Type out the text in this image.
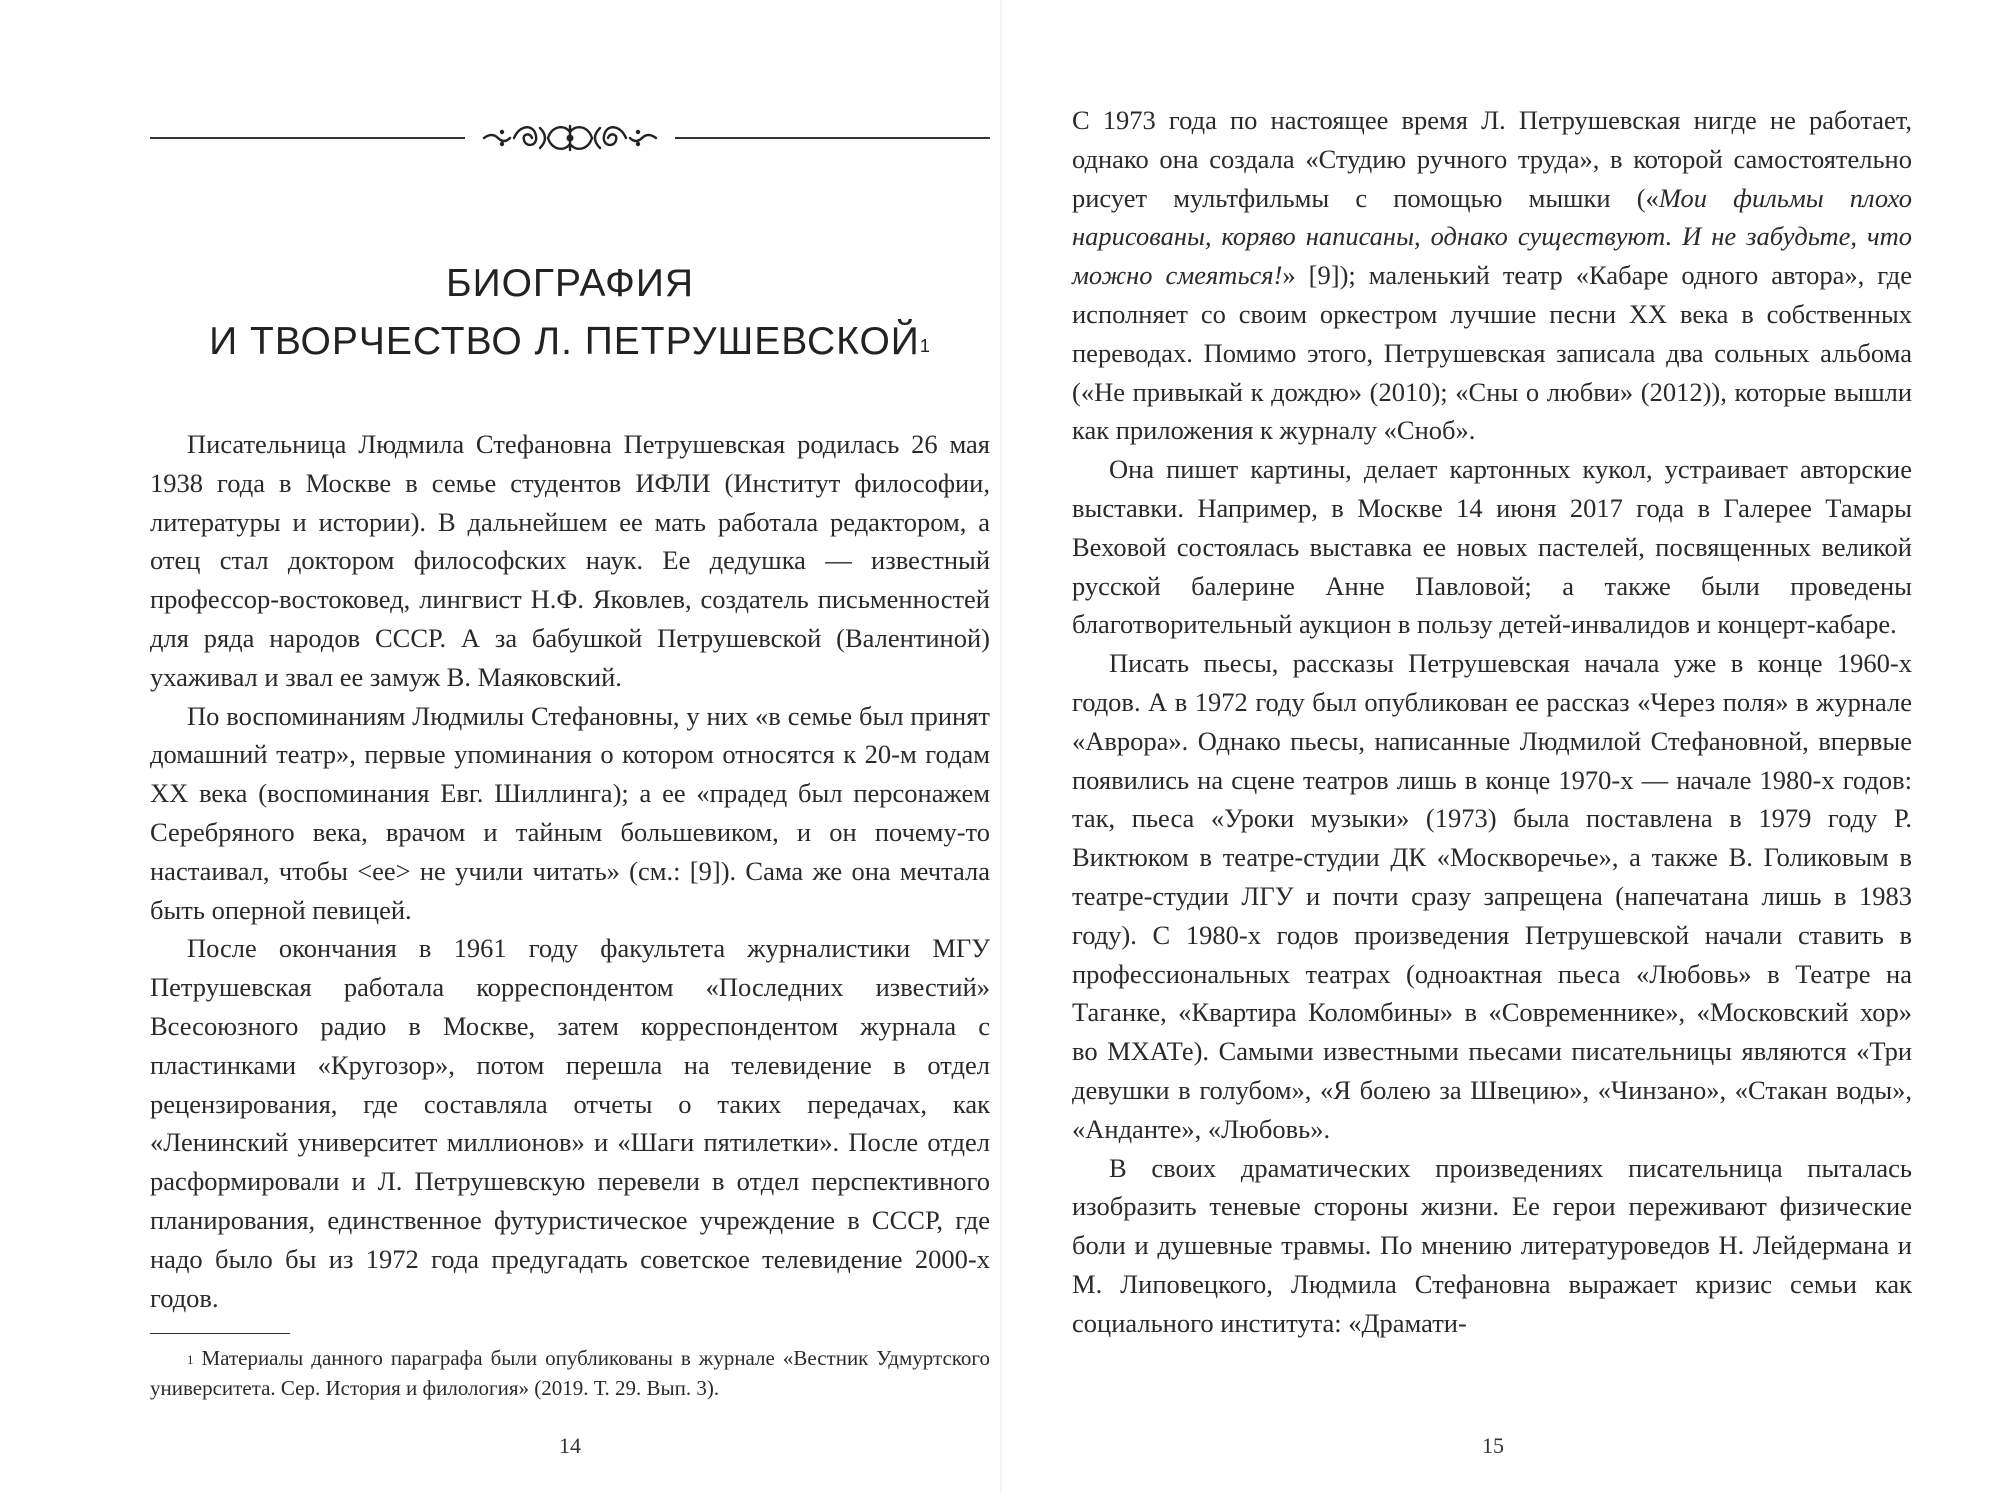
БИОГРАФИЯ
И ТВОРЧЕСТВО Л. ПЕТРУШЕВСКОЙ$^1$

Писательница Людмила Стефановна Петрушевская родилась 26 мая 1938 года в Москве в семье студентов ИФЛИ (Институт философии, литературы и истории). В дальнейшем ее мать работала редактором, а отец стал доктором философских наук. Ее дедушка — известный профессор-востоковед, лингвист Н.Ф. Яковлев, создатель письменностей для ряда народов СССР. А за бабушкой Петрушевской (Валентиной) ухаживал и звал ее замуж В. Маяковский.

По воспоминаниям Людмилы Стефановны, у них «в семье был принят домашний театр», первые упоминания о котором относятся к 20-м годам XX века (воспоминания Евг. Шиллинга); а ее «прадед был персонажем Серебряного века, врачом и тайным большевиком, и он почему-то настаивал, чтобы <ее> не учили читать» (см.: [9]). Сама же она мечтала быть оперной певицей.

После окончания в 1961 году факультета журналистики МГУ Петрушевская работала корреспондентом «Последних известий» Всесоюзного радио в Москве, затем корреспондентом журнала с пластинками «Кругозор», потом перешла на телевидение в отдел рецензирования, где составляла отчеты о таких передачах, как «Ленинский университет миллионов» и «Шаги пятилетки». После отдел расформировали и Л. Петрушевскую перевели в отдел перспективного планирования, единственное футуристическое учреждение в СССР, где надо было бы из 1972 года предугадать советское телевидение 2000-х годов.

$^1$ Материалы данного параграфа были опубликованы в журнале «Вестник Удмуртского университета. Сер. История и филология» (2019. Т. 29. Вып. 3).

14

С 1973 года по настоящее время Л. Петрушевская нигде не работает, однако она создала «Студию ручного труда», в которой самостоятельно рисует мультфильмы с помощью мышки («Мои фильмы плохо нарисованы, коряво написаны, однако существуют. И не забудьте, что можно смеяться!» [9]); маленький театр «Кабаре одного автора», где исполняет со своим оркестром лучшие песни XX века в собственных переводах. Помимо этого, Петрушевская записала два сольных альбома («Не привыкай к дождю» (2010); «Сны о любви» (2012)), которые вышли как приложения к журналу «Сноб».

Она пишет картины, делает картонных кукол, устраивает авторские выставки. Например, в Москве 14 июня 2017 года в Галерее Тамары Веховой состоялась выставка ее новых пастелей, посвященных великой русской балерине Анне Павловой; а также были проведены благотворительный аукцион в пользу детей-инвалидов и концерт-кабаре.

Писать пьесы, рассказы Петрушевская начала уже в конце 1960-х годов. А в 1972 году был опубликован ее рассказ «Через поля» в журнале «Аврора». Однако пьесы, написанные Людмилой Стефановной, впервые появились на сцене театров лишь в конце 1970-х — начале 1980-х годов: так, пьеса «Уроки музыки» (1973) была поставлена в 1979 году Р. Виктюком в театре-студии ДК «Москворечье», а также В. Голиковым в театре-студии ЛГУ и почти сразу запрещена (напечатана лишь в 1983 году). С 1980-х годов произведения Петрушевской начали ставить в профессиональных театрах (одноактная пьеса «Любовь» в Театре на Таганке, «Квартира Коломбины» в «Современнике», «Московский хор» во МХАТе). Самыми известными пьесами писательницы являются «Три девушки в голубом», «Я болею за Швецию», «Чинзано», «Стакан воды», «Анданте», «Любовь».

В своих драматических произведениях писательница пыталась изобразить теневые стороны жизни. Ее герои переживают физические боли и душевные травмы. По мнению литературоведов Н. Лейдермана и М. Липовецкого, Людмила Стефановна выражает кризис семьи как социального института: «Драмати-

15
